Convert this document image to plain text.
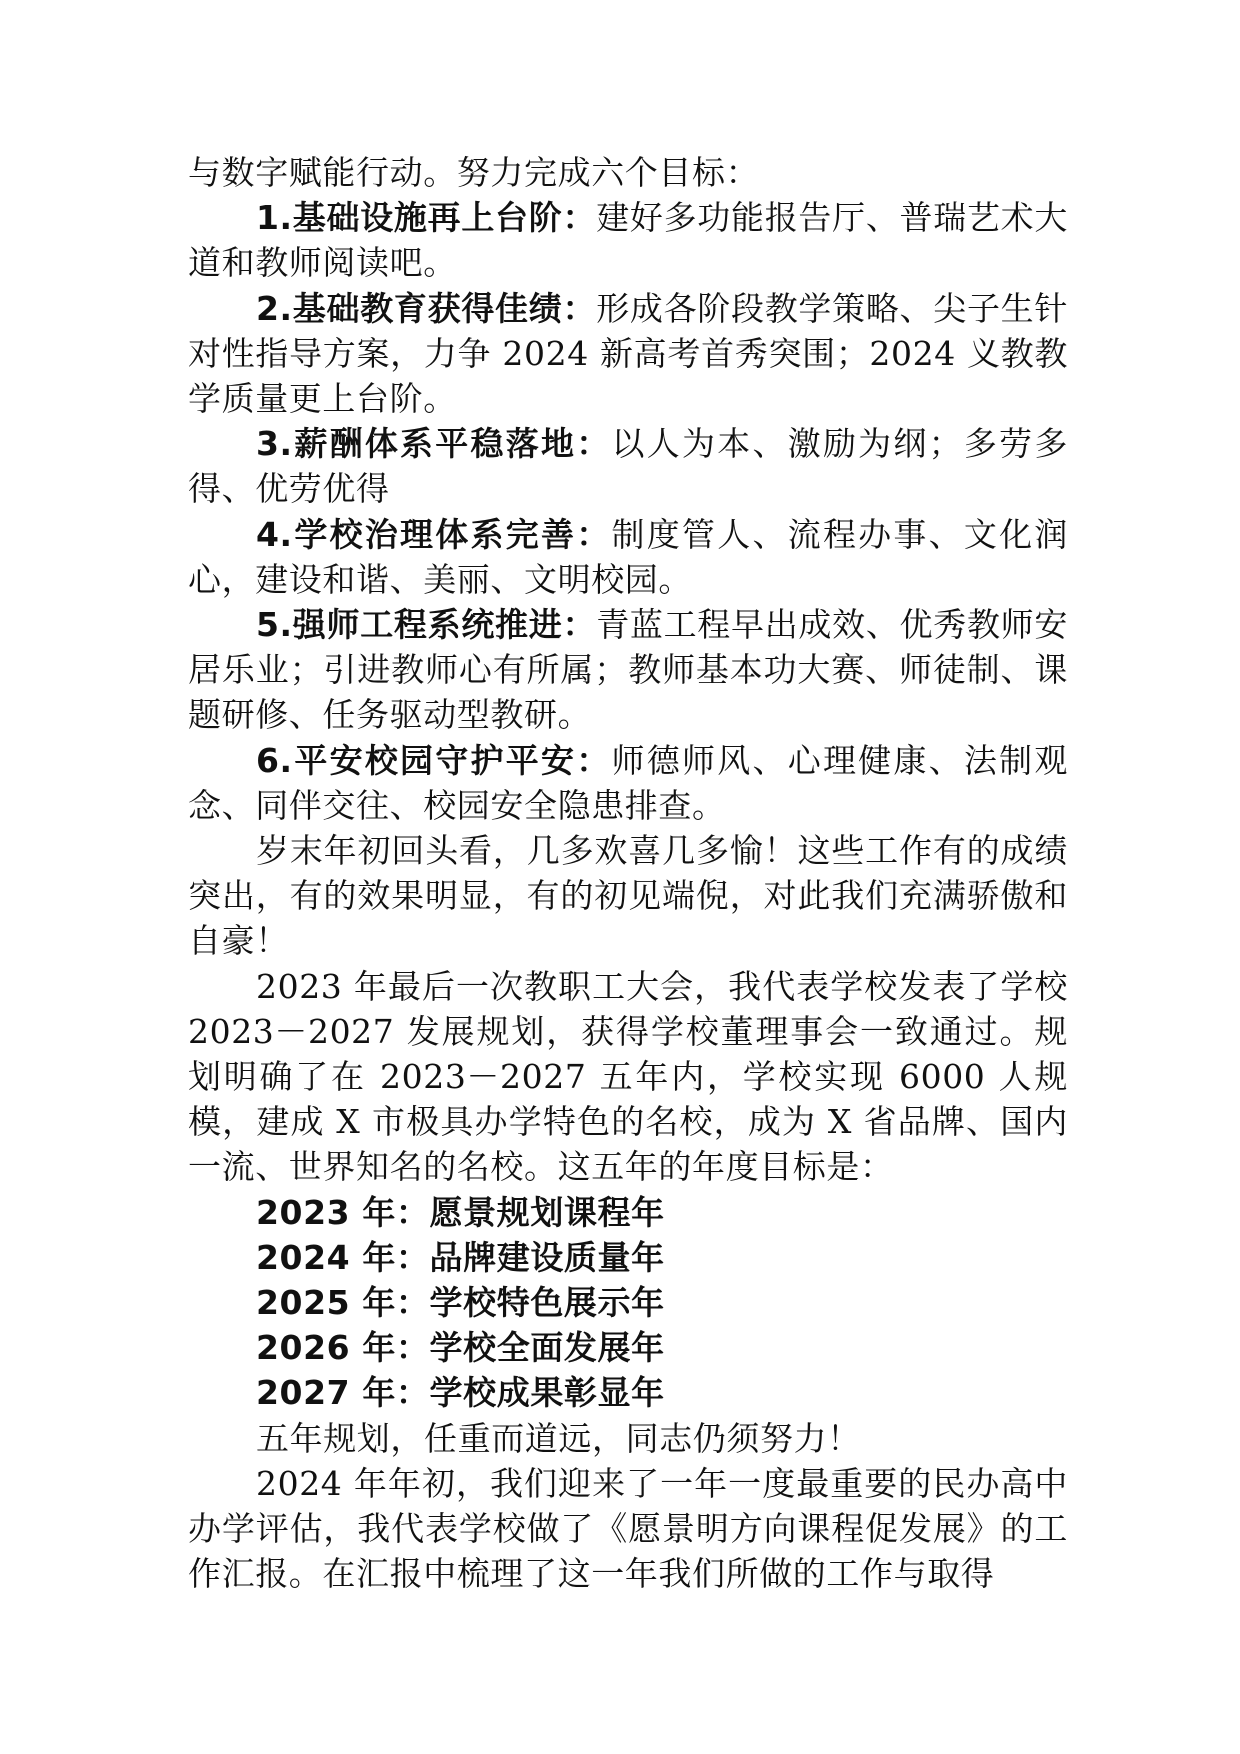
与数字赋能行动。努力完成六个目标：

1.基础设施再上台阶：建好多功能报告厅、普瑞艺术大道和教师阅读吧。

2.基础教育获得佳绩：形成各阶段教学策略、尖子生针对性指导方案，力争 2024 新高考首秀突围；2024 义教教学质量更上台阶。

3.薪酬体系平稳落地：以人为本、激励为纲；多劳多得、优劳优得

4.学校治理体系完善：制度管人、流程办事、文化润心，建设和谐、美丽、文明校园。

5.强师工程系统推进：青蓝工程早出成效、优秀教师安居乐业；引进教师心有所属；教师基本功大赛、师徒制、课题研修、任务驱动型教研。

6.平安校园守护平安：师德师风、心理健康、法制观念、同伴交往、校园安全隐患排查。

岁末年初回头看，几多欢喜几多愉！这些工作有的成绩突出，有的效果明显，有的初见端倪，对此我们充满骄傲和自豪！

2023 年最后一次教职工大会，我代表学校发表了学校 2023－2027 发展规划，获得学校董理事会一致通过。规划明确了在 2023－2027 五年内，学校实现 6000 人规模，建成 X 市极具办学特色的名校，成为 X 省品牌、国内一流、世界知名的名校。这五年的年度目标是：

2023 年：愿景规划课程年

2024 年：品牌建设质量年

2025 年：学校特色展示年

2026 年：学校全面发展年

2027 年：学校成果彰显年

五年规划，任重而道远，同志仍须努力！

2024 年年初，我们迎来了一年一度最重要的民办高中办学评估，我代表学校做了《愿景明方向课程促发展》的工作汇报。在汇报中梳理了这一年我们所做的工作与取得
